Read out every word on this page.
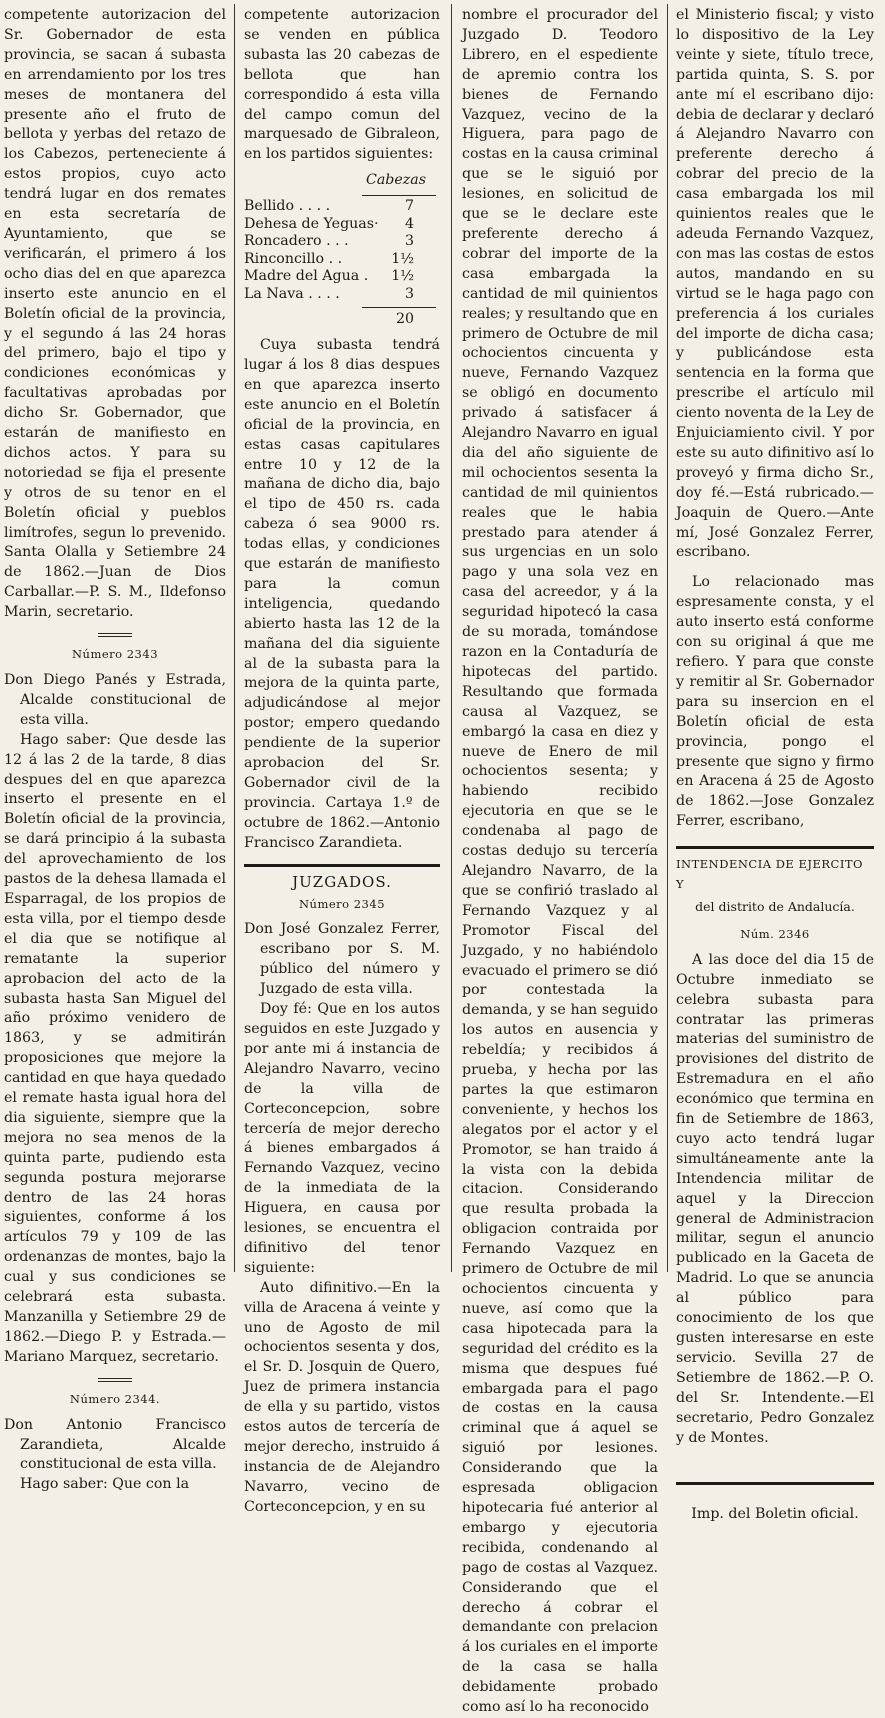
competente autorizacion del Sr. Gobernador de esta provincia, se sacan á subasta en arrendamiento por los tres meses de montanera del presente año el fruto de bellota y yerbas del retazo de los Cabezos, perteneciente á estos propios, cuyo acto tendrá lugar en dos remates en esta secretaría de Ayuntamiento, que se verificarán, el primero á los ocho dias del en que aparezca inserto este anuncio en el Boletín oficial de la provincia, y el segundo á las 24 horas del primero, bajo el tipo y condiciones económicas y facultativas aprobadas por dicho Sr. Gobernador, que estarán de manifiesto en dichos actos. Y para su notoriedad se fija el presente y otros de su tenor en el Boletín oficial y pueblos limítrofes, segun lo prevenido. Santa Olalla y Setiembre 24 de 1862.—Juan de Dios Carballar.—P. S. M., Ildefonso Marin, secretario.

Número 2343

Don Diego Panés y Estrada, Alcalde constitucional de esta villa.

Hago saber: Que desde las 12 á las 2 de la tarde, 8 dias despues del en que aparezca inserto el presente en el Boletín oficial de la provincia, se dará principio á la subasta del aprovechamiento de los pastos de la dehesa llamada el Esparragal, de los propios de esta villa, por el tiempo desde el dia que se notifique al rematante la superior aprobacion del acto de la subasta hasta San Miguel del año próximo venidero de 1863, y se admitirán proposiciones que mejore la cantidad en que haya quedado el remate hasta igual hora del dia siguiente, siempre que la mejora no sea menos de la quinta parte, pudiendo esta segunda postura mejorarse dentro de las 24 horas siguientes, conforme á los artículos 79 y 109 de las ordenanzas de montes, bajo la cual y sus condiciones se celebrará esta subasta. Manzanilla y Setiembre 29 de 1862.—Diego P. y Estrada.—Mariano Marquez, secretario.

Número 2344.

Don Antonio Francisco Zarandieta, Alcalde constitucional de esta villa.

Hago saber: Que con la

competente autorizacion se venden en pública subasta las 20 cabezas de bellota que han correspondido á esta villa del campo comun del marquesado de Gibraleon, en los partidos siguientes:

Cabezas

Bellido . . . .	7
Dehesa de Yeguas·	4
Roncadero . . .	3
Rinconcillo . .	1½
Madre del Agua .	1½
La Nava . . . .	3

20

Cuya subasta tendrá lugar á los 8 dias despues en que aparezca inserto este anuncio en el Boletín oficial de la provincia, en estas casas capitulares entre 10 y 12 de la mañana de dicho dia, bajo el tipo de 450 rs. cada cabeza ó sea 9000 rs. todas ellas, y condiciones que estarán de manifiesto para la comun inteligencia, quedando abierto hasta las 12 de la mañana del dia siguiente al de la subasta para la mejora de la quinta parte, adjudicándose al mejor postor; empero quedando pendiente de la superior aprobacion del Sr. Gobernador civil de la provincia. Cartaya 1.º de octubre de 1862.—Antonio Francisco Zarandieta.

JUZGADOS.

Número 2345

Don José Gonzalez Ferrer, escribano por S. M. público del número y Juzgado de esta villa.

Doy fé: Que en los autos seguidos en este Juzgado y por ante mi á instancia de Alejandro Navarro, vecino de la villa de Corteconcepcion, sobre tercería de mejor derecho á bienes embargados á Fernando Vazquez, vecino de la inmediata de la Higuera, en causa por lesiones, se encuentra el difinitivo del tenor siguiente:

Auto difinitivo.—En la villa de Aracena á veinte y uno de Agosto de mil ochocientos sesenta y dos, el Sr. D. Josquin de Quero, Juez de primera instancia de ella y su partido, vistos estos autos de tercería de mejor derecho, instruido á instancia de de Alejandro Navarro, vecino de Corteconcepcion, y en su

nombre el procurador del Juzgado D. Teodoro Librero, en el espediente de apremio contra los bienes de Fernando Vazquez, vecino de la Higuera, para pago de costas en la causa criminal que se le siguió por lesiones, en solicitud de que se le declare este preferente derecho á cobrar del importe de la casa embargada la cantidad de mil quinientos reales; y resultando que en primero de Octubre de mil ochocientos cincuenta y nueve, Fernando Vazquez se obligó en documento privado á satisfacer á Alejandro Navarro en igual dia del año siguiente de mil ochocientos sesenta la cantidad de mil quinientos reales que le habia prestado para atender á sus urgencias en un solo pago y una sola vez en casa del acreedor, y á la seguridad hipotecó la casa de su morada, tomándose razon en la Contaduría de hipotecas del partido. Resultando que formada causa al Vazquez, se embargó la casa en diez y nueve de Enero de mil ochocientos sesenta; y habiendo recibido ejecutoria en que se le condenaba al pago de costas dedujo su tercería Alejandro Navarro, de la que se confirió traslado al Fernando Vazquez y al Promotor Fiscal del Juzgado, y no habiéndolo evacuado el primero se dió por contestada la demanda, y se han seguido los autos en ausencia y rebeldía; y recibidos á prueba, y hecha por las partes la que estimaron conveniente, y hechos los alegatos por el actor y el Promotor, se han traido á la vista con la debida citacion. Considerando que resulta probada la obligacion contraida por Fernando Vazquez en primero de Octubre de mil ochocientos cincuenta y nueve, así como que la casa hipotecada para la seguridad del crédito es la misma que despues fué embargada para el pago de costas en la causa criminal que á aquel se siguió por lesiones. Considerando que la espresada obligacion hipotecaria fué anterior al embargo y ejecutoria recibida, condenando al pago de costas al Vazquez. Considerando que el derecho á cobrar el demandante con prelacion á los curiales en el importe de la casa se halla debidamente probado como así lo ha reconocido

el Ministerio fiscal; y visto lo dispositivo de la Ley veinte y siete, título trece, partida quinta, S. S. por ante mí el escribano dijo: debia de declarar y declaró á Alejandro Navarro con preferente derecho á cobrar del precio de la casa embargada los mil quinientos reales que le adeuda Fernando Vazquez, con mas las costas de estos autos, mandando en su virtud se le haga pago con preferencia á los curiales del importe de dicha casa; y publicándose esta sentencia en la forma que prescribe el artículo mil ciento noventa de la Ley de Enjuiciamiento civil. Y por este su auto difinitivo así lo proveyó y firma dicho Sr., doy fé.—Está rubricado.—Joaquin de Quero.—Ante mí, José Gonzalez Ferrer, escribano.

Lo relacionado mas espresamente consta, y el auto inserto está conforme con su original á que me refiero. Y para que conste y remitir al Sr. Gobernador para su insercion en el Boletín oficial de esta provincia, pongo el presente que signo y firmo en Aracena á 25 de Agosto de 1862.—Jose Gonzalez Ferrer, escribano,

INTENDENCIA DE EJERCITO Y

del distrito de Andalucía.

Núm. 2346

A las doce del dia 15 de Octubre inmediato se celebra subasta para contratar las primeras materias del suministro de provisiones del distrito de Estremadura en el año económico que termina en fin de Setiembre de 1863, cuyo acto tendrá lugar simultáneamente ante la Intendencia militar de aquel y la Direccion general de Administracion militar, segun el anuncio publicado en la Gaceta de Madrid. Lo que se anuncia al público para conocimiento de los que gusten interesarse en este servicio. Sevilla 27 de Setiembre de 1862.—P. O. del Sr. Intendente.—El secretario, Pedro Gonzalez y de Montes.

Imp. del Boletin oficial.
